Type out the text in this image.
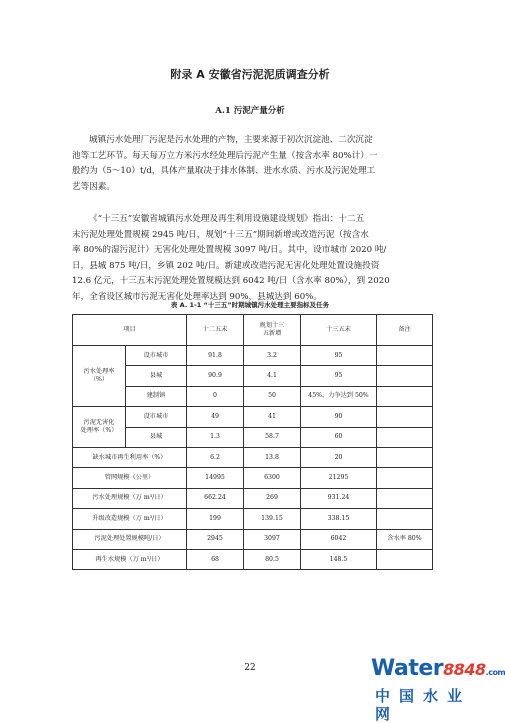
附录 A 安徽省污泥泥质调查分析
A.1 污泥产量分析
城镇污水处理厂污泥是污水处理的产物，主要来源于初次沉淀池、二次沉淀
池等工艺环节。每天每万立方米污水经处理后污泥产生量（按含水率 80%计）一
般约为（5～10）t/d，具体产量取决于排水体制、进水水质、污水及污泥处理工
艺等因素。
《“十三五”安徽省城镇污水处理及再生利用设施建设规划》指出：十二五
末污泥处理处置规模 2945 吨/日，规划“十三五”期间新增或改造污泥（按含水
率 80%的湿污泥计）无害化处理处置规模 3097 吨/日。其中，设市城市 2020 吨/
日，县城 875 吨/日，乡镇 202 吨/日。新建或改造污泥无害化处理处置设施投资
12.6 亿元，十三五末污泥处理处置规模达到 6042 吨/日（含水率 80%），到 2020
年，全省设区城市污泥无害化处理率达到 90%，县城达到 60%。
表 A. 1-1 “十三五”时期城镇污水处理主要指标及任务
项目		十二五末	规划十三
五新增	十三五末	备注
污水处理率
（%）	设市城市	91.8	3.2	95	
	县城	90.9	4.1	95	
	建制镇	0	50	45%，力争达到 50%	
污泥无害化
处理率（%）	设市城市	49	41	90	
	县城	1.3	58.7	60	
缺水城市再生利用率（%）		6.2	13.8	20	
管网规模（公里）		14995	6300	21295	
污水处理规模（万 m³/日）		662.24	269	931.24	
升级改造规模（万 m³/日）		199	139.15	338.15	
污泥处理处置规模吨/日）		2945	3097	6042	含水率 80%
再生水规模（万 m³/日）		68	80.5	148.5	
22	Water8848.com
中国水业网
